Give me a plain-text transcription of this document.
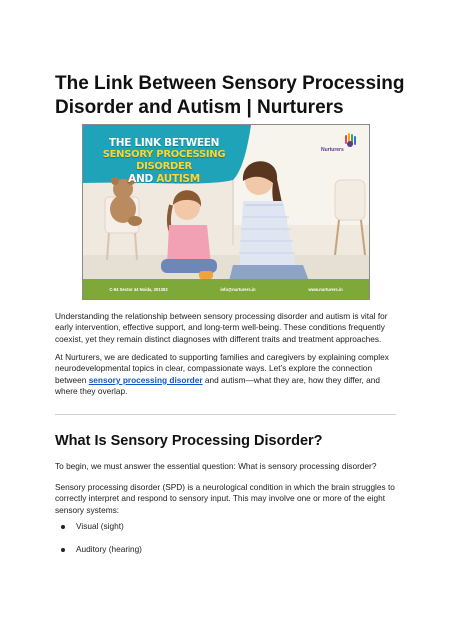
The Link Between Sensory Processing Disorder and Autism | Nurturers
THE LINK BETWEEN
SENSORY PROCESSING DISORDER
AND AUTISM
Nurturers
C-94 Sector 44 Noida, 201303	info@nurturers.in	www.nurturers.in

Understanding the relationship between sensory processing disorder and autism is vital for early intervention, effective support, and long-term well-being. These conditions frequently coexist, yet they remain distinct diagnoses with different traits and treatment approaches.

At Nurturers, we are dedicated to supporting families and caregivers by explaining complex neurodevelopmental topics in clear, compassionate ways. Let’s explore the connection between sensory processing disorder and autism—what they are, how they differ, and where they overlap.

What Is Sensory Processing Disorder?

To begin, we must answer the essential question: What is sensory processing disorder?

Sensory processing disorder (SPD) is a neurological condition in which the brain struggles to correctly interpret and respond to sensory input. This may involve one or more of the eight sensory systems:

Visual (sight)
Auditory (hearing)
